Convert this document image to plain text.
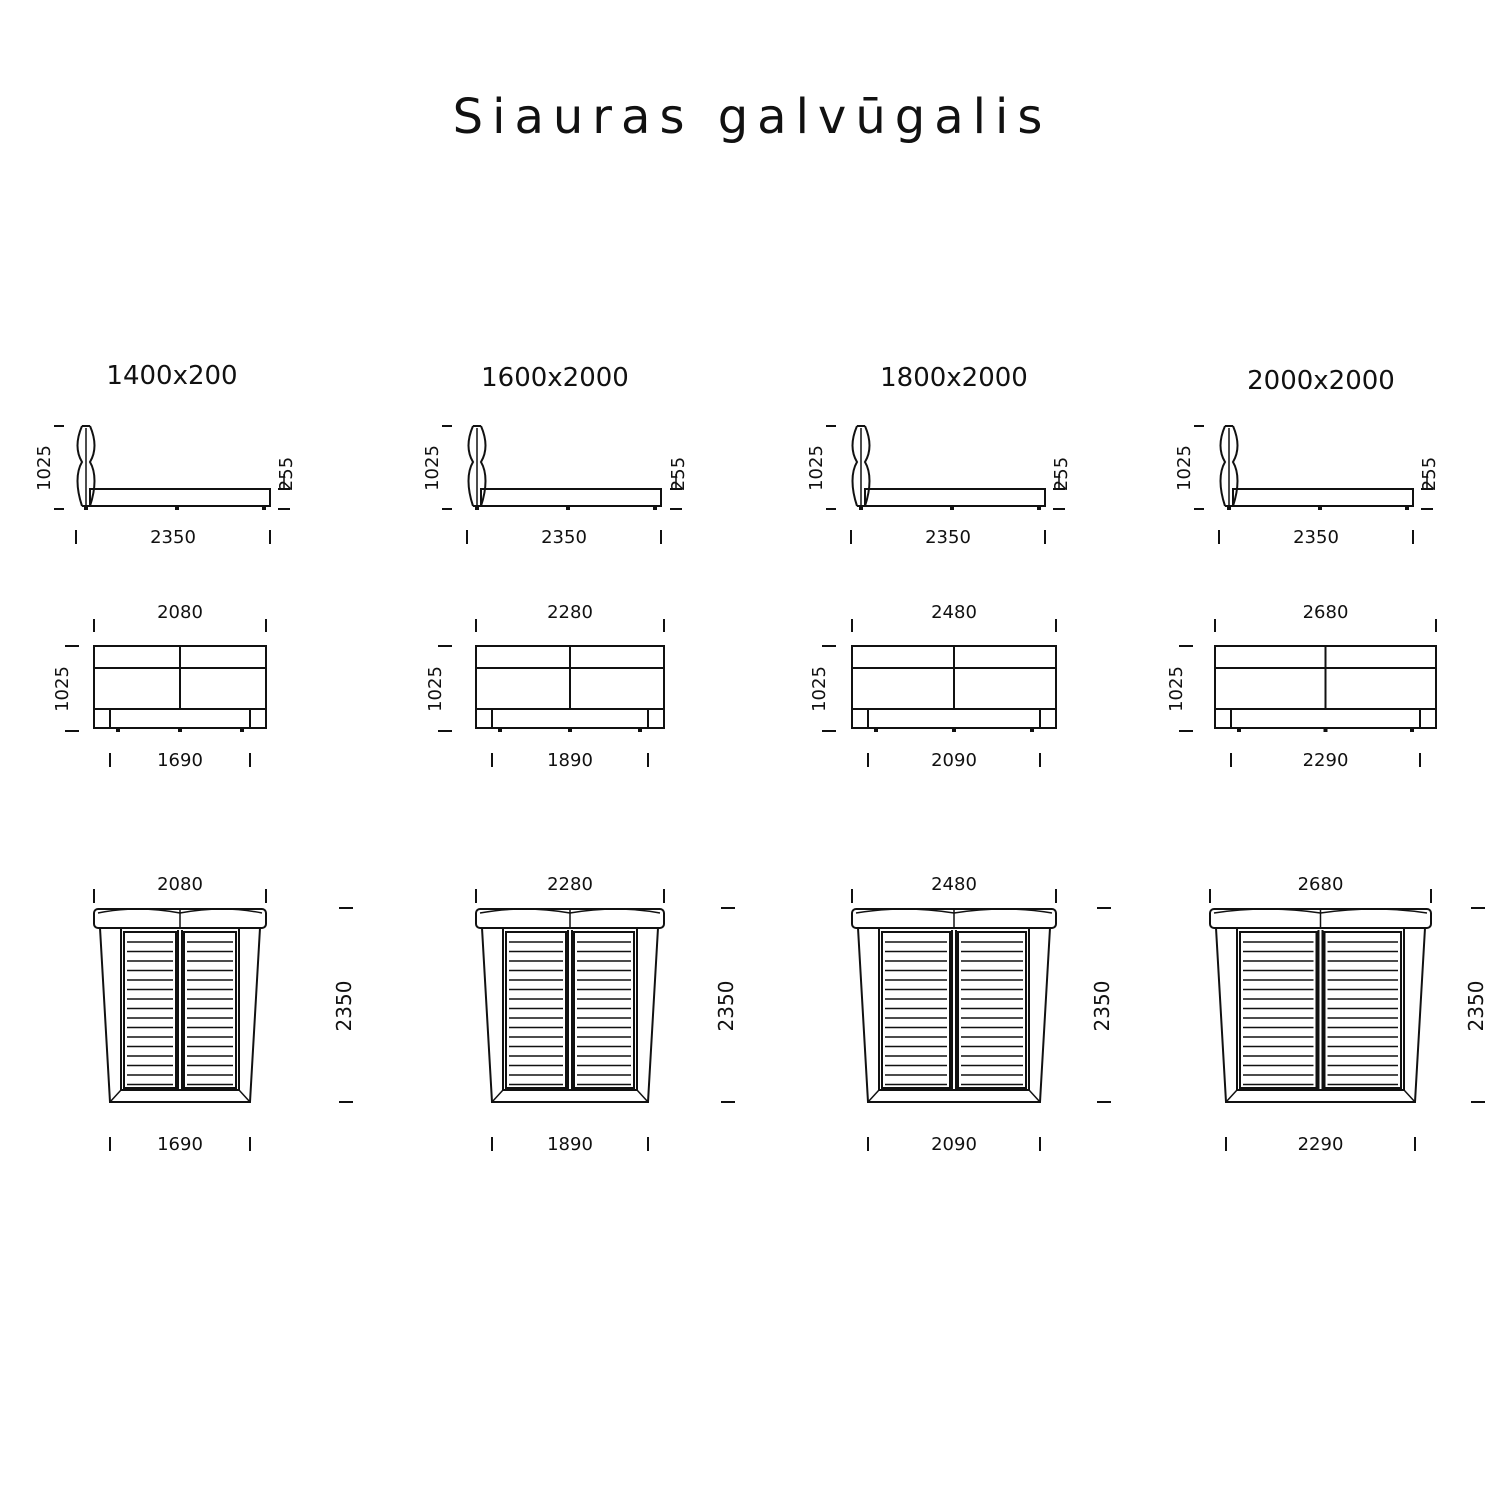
Siauras galvūgalis
1400x200
1025	255
2350
2080
1025
1690
2080
2350
1690
1600x2000
1025	255
2350
2280
1025
1890
2280
2350
1890
1800x2000
1025	255
2350
2480
1025
2090
2480
2350
2090
2000x2000
1025	255
2350
2680
1025
2290
2680
2350
2290
